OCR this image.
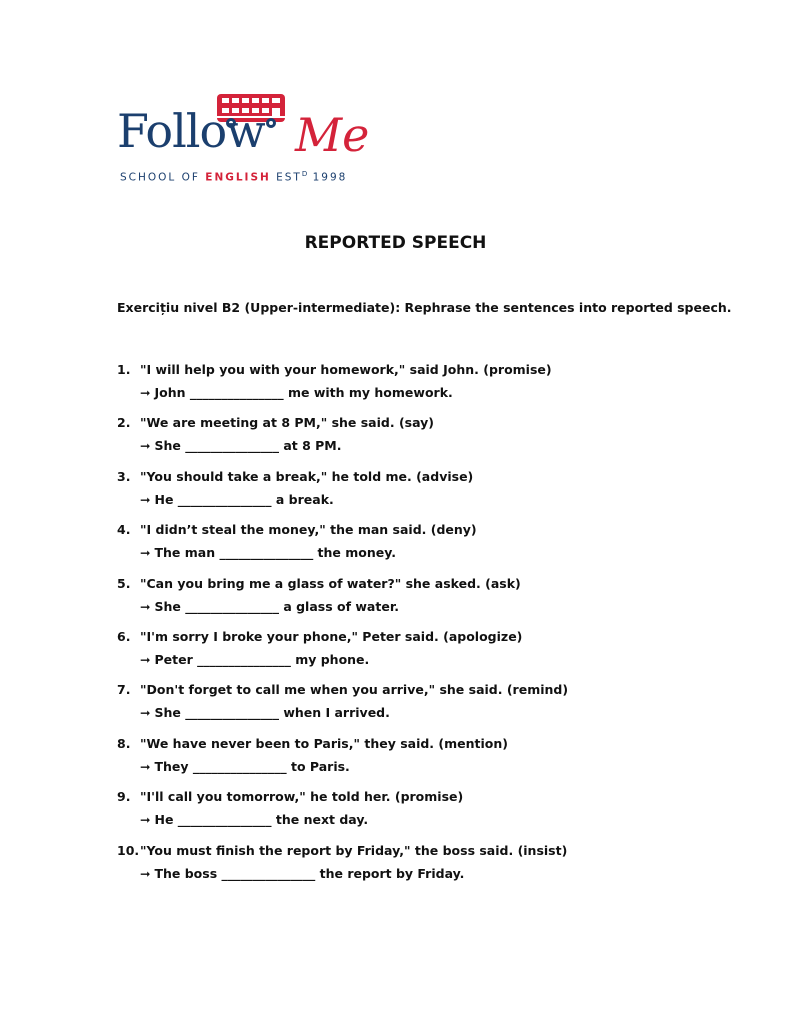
Follow Me
SCHOOL OF ENGLISH $EST^D$ 1998
REPORTED SPEECH
Exercițiu nivel B2 (Upper-intermediate): Rephrase the sentences into reported speech.
1. "I will help you with your homework," said John. (promise)
➞ John _______________ me with my homework.
2. "We are meeting at 8 PM," she said. (say)
➞ She _______________ at 8 PM.
3. "You should take a break," he told me. (advise)
➞ He _______________ a break.
4. "I didn’t steal the money," the man said. (deny)
➞ The man _______________ the money.
5. "Can you bring me a glass of water?" she asked. (ask)
➞ She _______________ a glass of water.
6. "I'm sorry I broke your phone," Peter said. (apologize)
➞ Peter _______________ my phone.
7. "Don't forget to call me when you arrive," she said. (remind)
➞ She _______________ when I arrived.
8. "We have never been to Paris," they said. (mention)
➞ They _______________ to Paris.
9. "I'll call you tomorrow," he told her. (promise)
➞ He _______________ the next day.
10. "You must finish the report by Friday," the boss said. (insist)
➞ The boss _______________ the report by Friday.
